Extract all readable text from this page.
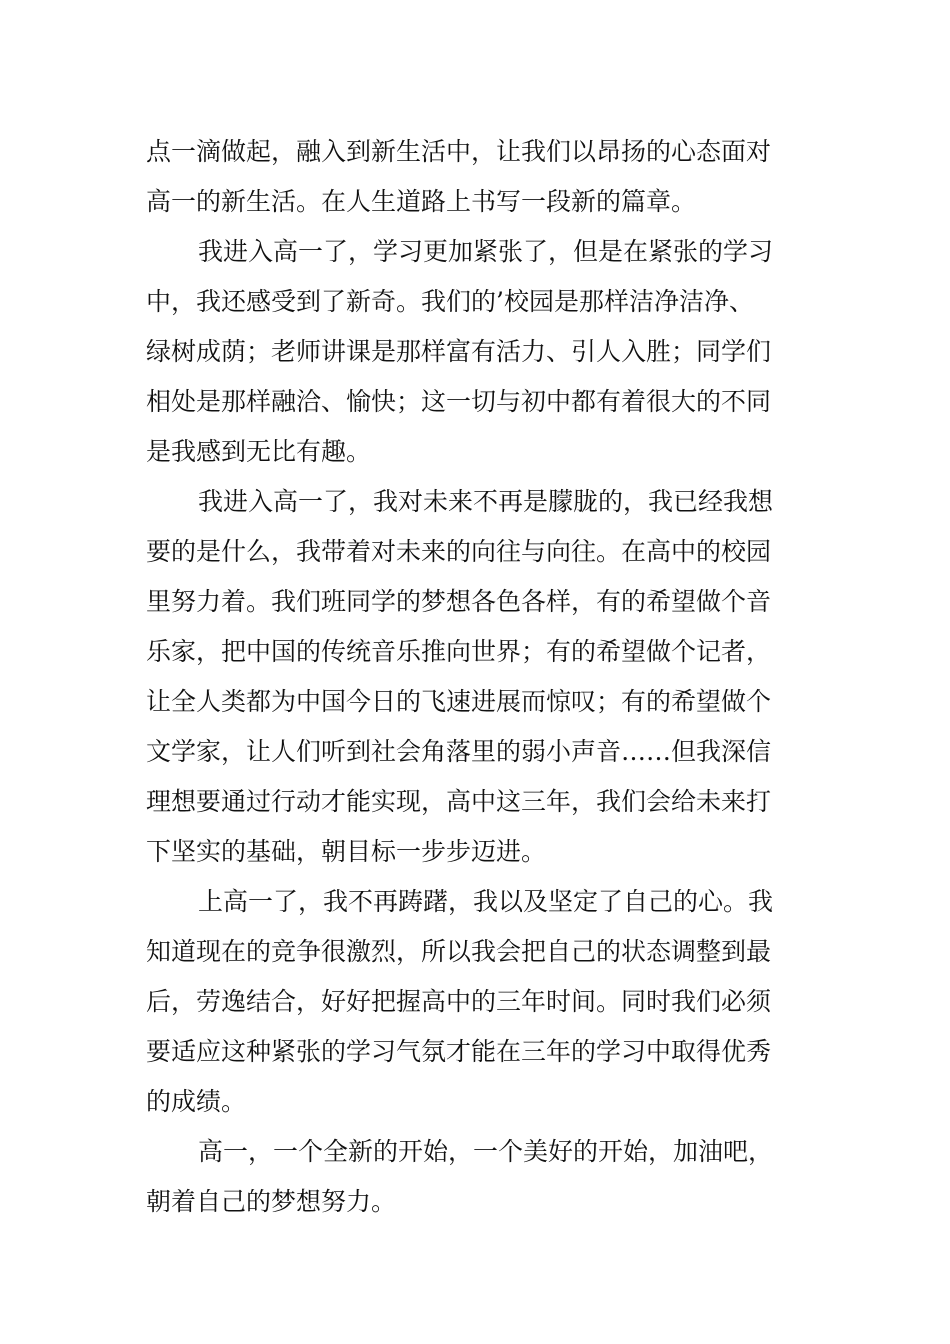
点一滴做起，融入到新生活中，让我们以昂扬的心态面对
高一的新生活。在人生道路上书写一段新的篇章。
我进入高一了，学习更加紧张了，但是在紧张的学习
中，我还感受到了新奇。我们的’校园是那样洁净洁净、
绿树成荫；老师讲课是那样富有活力、引人入胜；同学们
相处是那样融洽、愉快；这一切与初中都有着很大的不同
是我感到无比有趣。
我进入高一了，我对未来不再是朦胧的，我已经我想
要的是什么，我带着对未来的向往与向往。在高中的校园
里努力着。我们班同学的梦想各色各样，有的希望做个音
乐家，把中国的传统音乐推向世界；有的希望做个记者，
让全人类都为中国今日的飞速进展而惊叹；有的希望做个
文学家，让人们听到社会角落里的弱小声音……但我深信
理想要通过行动才能实现，高中这三年，我们会给未来打
下坚实的基础，朝目标一步步迈进。
上高一了，我不再踌躇，我以及坚定了自己的心。我
知道现在的竞争很激烈，所以我会把自己的状态调整到最
后，劳逸结合，好好把握高中的三年时间。同时我们必须
要适应这种紧张的学习气氛才能在三年的学习中取得优秀
的成绩。
高一，一个全新的开始，一个美好的开始，加油吧，
朝着自己的梦想努力。
